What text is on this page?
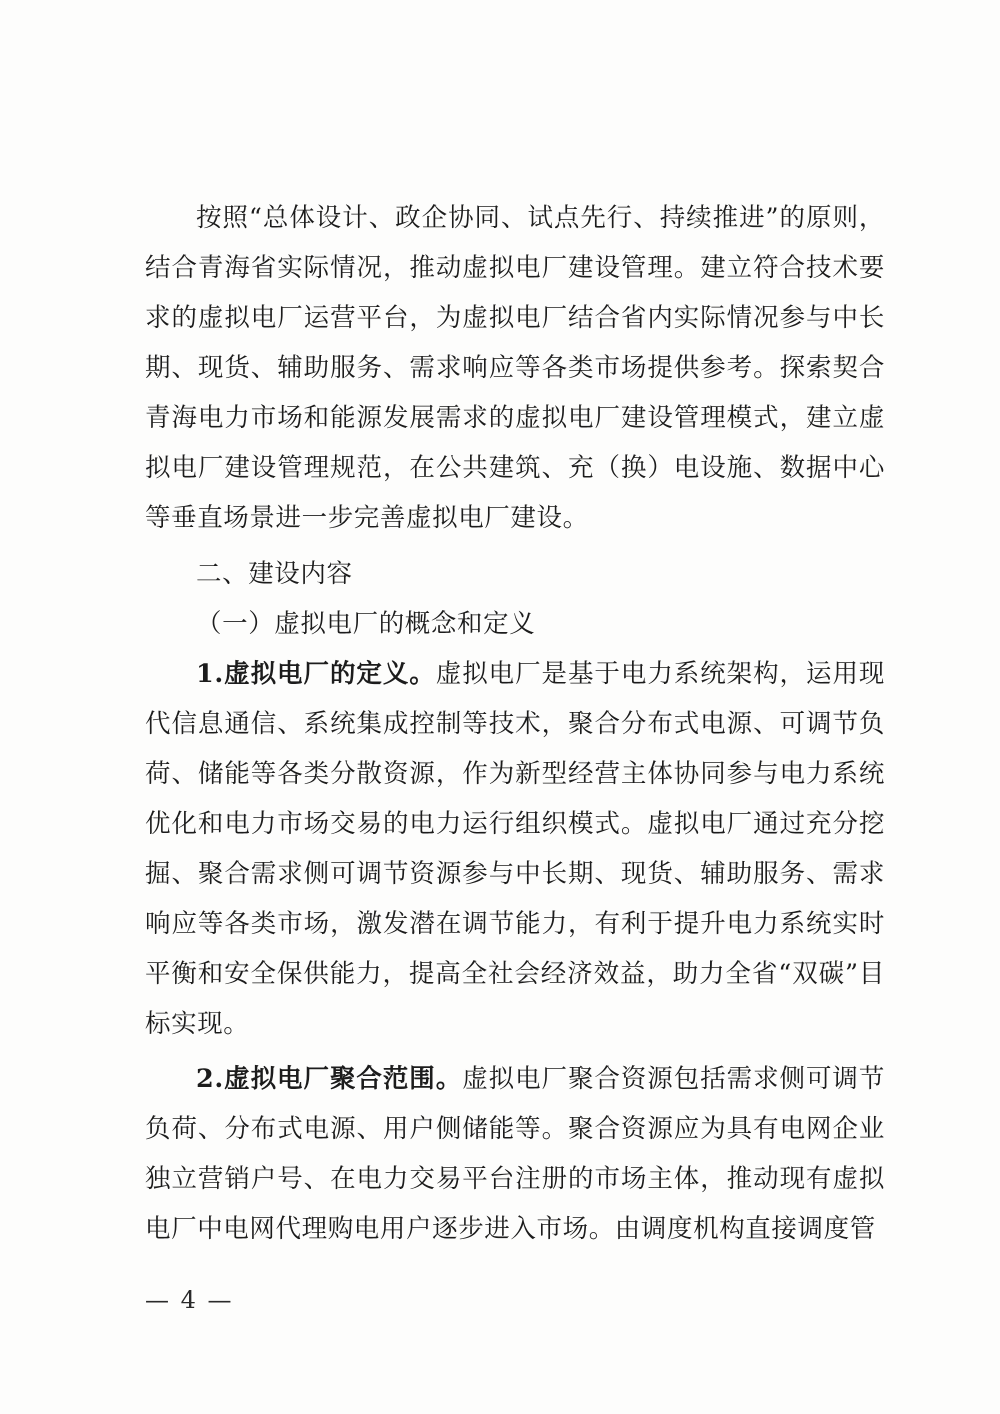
按照“总体设计、政企协同、试点先行、持续推进”的原则，结合青海省实际情况，推动虚拟电厂建设管理。建立符合技术要求的虚拟电厂运营平台，为虚拟电厂结合省内实际情况参与中长期、现货、辅助服务、需求响应等各类市场提供参考。探索契合青海电力市场和能源发展需求的虚拟电厂建设管理模式，建立虚拟电厂建设管理规范，在公共建筑、充（换）电设施、数据中心等垂直场景进一步完善虚拟电厂建设。

二、建设内容

（一）虚拟电厂的概念和定义

1.虚拟电厂的定义。虚拟电厂是基于电力系统架构，运用现代信息通信、系统集成控制等技术，聚合分布式电源、可调节负荷、储能等各类分散资源，作为新型经营主体协同参与电力系统优化和电力市场交易的电力运行组织模式。虚拟电厂通过充分挖掘、聚合需求侧可调节资源参与中长期、现货、辅助服务、需求响应等各类市场，激发潜在调节能力，有利于提升电力系统实时平衡和安全保供能力，提高全社会经济效益，助力全省“双碳”目标实现。

2.虚拟电厂聚合范围。虚拟电厂聚合资源包括需求侧可调节负荷、分布式电源、用户侧储能等。聚合资源应为具有电网企业独立营销户号、在电力交易平台注册的市场主体，推动现有虚拟电厂中电网代理购电用户逐步进入市场。由调度机构直接调度管

— 4 —
